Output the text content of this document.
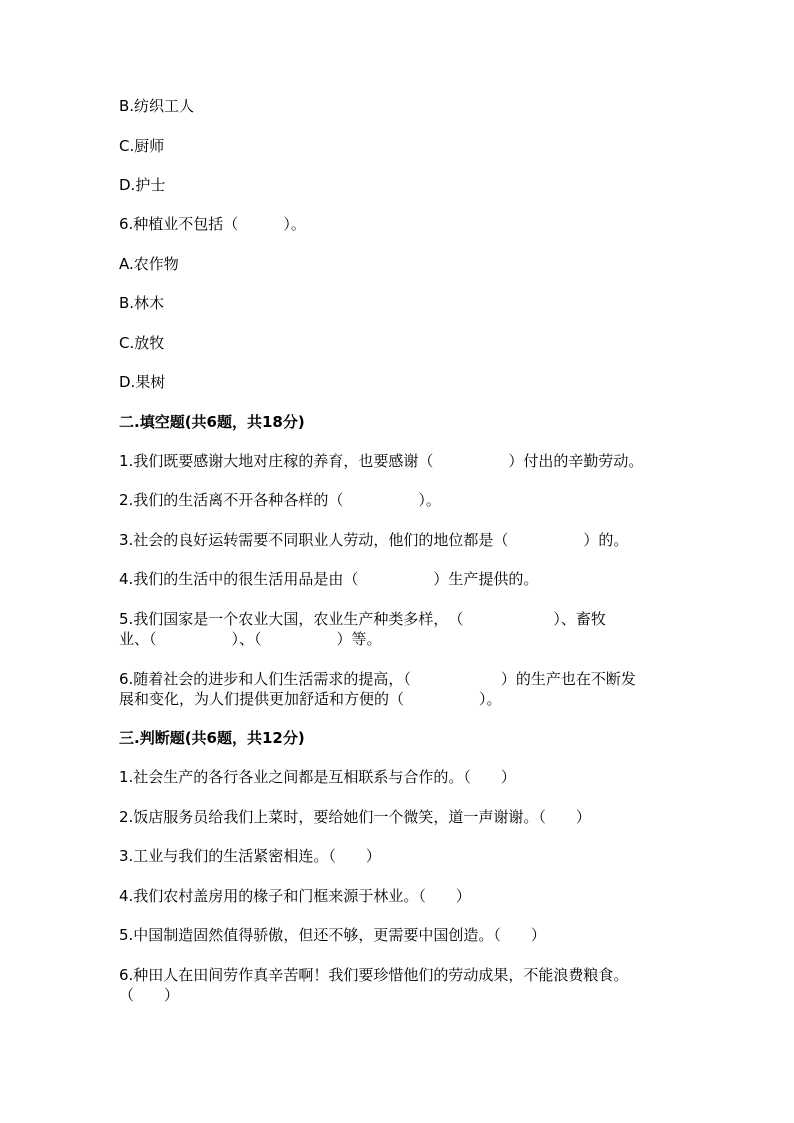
B.纺织工人
C.厨师
D.护士
6.种植业不包括（　　　）。
A.农作物
B.林木
C.放牧
D.果树
二.填空题(共6题，共18分)
1.我们既要感谢大地对庄稼的养育，也要感谢（　　　　　）付出的辛勤劳动。
2.我们的生活离不开各种各样的（　　　　　）。
3.社会的良好运转需要不同职业人劳动，他们的地位都是（　　　　　）的。
4.我们的生活中的很生活用品是由（　　　　　）生产提供的。
5.我们国家是一个农业大国，农业生产种类多样，　（　　　　　　）、畜牧
业、（　　　　　）、（　　　　　）等。
6.随着社会的进步和人们生活需求的提高，（　　　　　　）的生产也在不断发
展和变化，为人们提供更加舒适和方便的（　　　　　）。
三.判断题(共6题，共12分)
1.社会生产的各行各业之间都是互相联系与合作的。（　　）
2.饭店服务员给我们上菜时，要给她们一个微笑，道一声谢谢。（　　）
3.工业与我们的生活紧密相连。（　　）
4.我们农村盖房用的椽子和门框来源于林业。（　　）
5.中国制造固然值得骄傲，但还不够，更需要中国创造。（　　）
6.种田人在田间劳作真辛苦啊！我们要珍惜他们的劳动成果，不能浪费粮食。
（　　）
